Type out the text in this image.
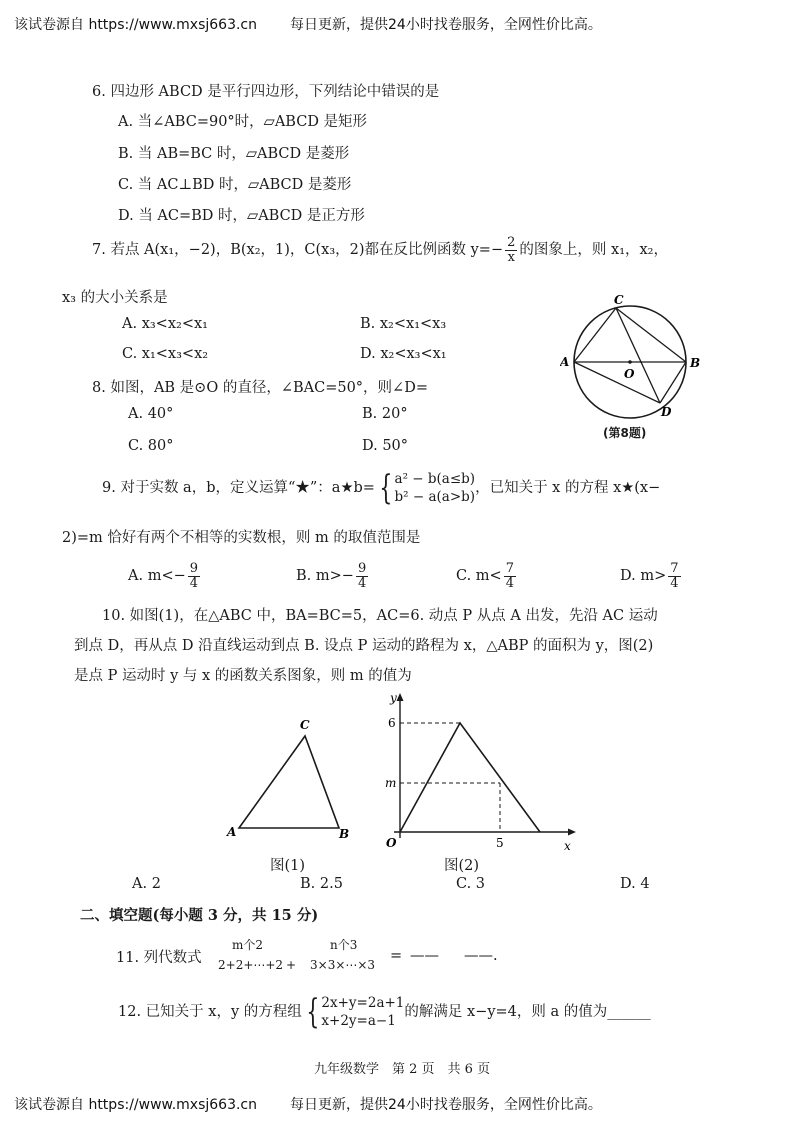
该试卷源自 https://www.mxsj663.cn 每日更新，提供24小时找卷服务，全网性价比高。
6. 四边形 ABCD 是平行四边形，下列结论中错误的是
A. 当∠ABC=90°时，▱ABCD 是矩形
B. 当 AB=BC 时，▱ABCD 是菱形
C. 当 AC⊥BD 时，▱ABCD 是菱形
D. 当 AC=BD 时，▱ABCD 是正方形
7. 若点 A(x₁，−2)，B(x₂，1)，C(x₃，2)都在反比例函数 $y=- \frac{2}{x}$ 的图象上，则 x₁，x₂，
x₃ 的大小关系是
A. x₃<x₂<x₁	B. x₂<x₁<x₃
C. x₁<x₃<x₂	D. x₂<x₃<x₁
8. 如图，AB 是⊙O 的直径，∠BAC=50°，则∠D=
A. 40°	B. 20°
C. 80°	D. 50°
A	B
C
D
O
(第8题)
9. 对于实数 a，b，定义运算“★”：a★b= { a² − b(a≤b)
b² − a(a>b)
，已知关于 x 的方程 x★(x−
2)=m 恰好有两个不相等的实数根，则 m 的取值范围是
A. $m<- \frac{9}{4}$	B. $m>- \frac{9}{4}$	C. $m< \frac{7}{4}$	D. $m> \frac{7}{4}$
10. 如图(1)，在△ABC 中，BA=BC=5，AC=6. 动点 P 从点 A 出发，先沿 AC 运动
到点 D，再从点 D 沿直线运动到点 B. 设点 P 运动的路程为 x，△ABP 的面积为 y，图(2)
是点 P 运动时 y 与 x 的函数关系图象，则 m 的值为
A	B
C
图(1)
y
x
O
6
m
5
图(2)
A. 2	B. 2.5	C. 3	D. 4
二、填空题(每小题 3 分，共 15 分)
11. 列代数式
m个2
2+2+⋯+2 +
n个3
3×3×⋯×3
= —— ——.
12. 已知关于 x，y 的方程组 { 2x+y=2a+1
x+2y=a−1
的解满足 x−y=4，则 a 的值为______
九年级数学　第 2 页　共 6 页
该试卷源自 https://www.mxsj663.cn 每日更新，提供24小时找卷服务，全网性价比高。
